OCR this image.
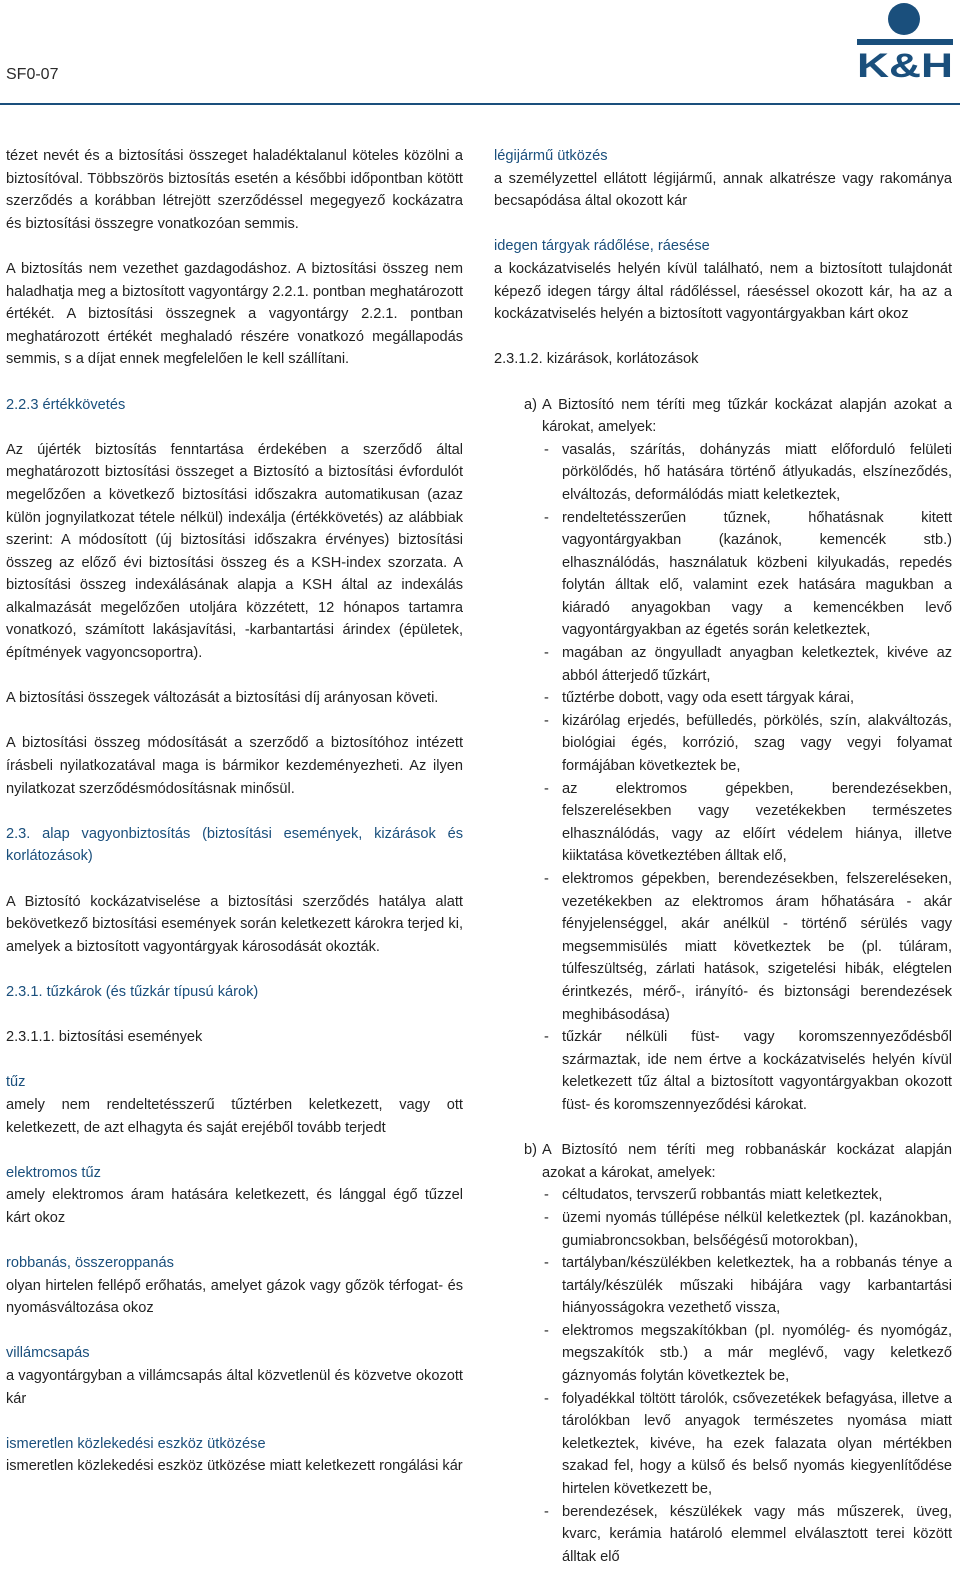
SF0-07	K&H

tézet nevét és a biztosítási összeget haladéktalanul köteles közölni a biztosítóval. Többszörös biztosítás esetén a későbbi időpontban kötött szerződés a korábban létrejött szerződéssel megegyező kockázatra és biztosítási összegre vonatkozóan semmis.

A biztosítás nem vezethet gazdagodáshoz. A biztosítási összeg nem haladhatja meg a biztosított vagyontárgy 2.2.1. pontban meghatározott értékét. A biztosítási összegnek a vagyontárgy 2.2.1. pontban meghatározott értékét meghaladó részére vonatkozó megállapodás semmis, s a díjat ennek megfelelően le kell szállítani.

2.2.3 értékkövetés

Az újérték biztosítás fenntartása érdekében a szerződő által meghatározott biztosítási összeget a Biztosító a biztosítási évfordulót megelőzően a következő biztosítási időszakra automatikusan (azaz külön jognyilatkozat tétele nélkül) indexálja (értékkövetés) az alábbiak szerint: A módosított (új biztosítási időszakra érvényes) biztosítási összeg az előző évi biztosítási összeg és a KSH-index szorzata. A biztosítási összeg indexálásának alapja a KSH által az indexálás alkalmazását megelőzően utoljára közzétett, 12 hónapos tartamra vonatkozó, számított lakásjavítási, -karbantartási árindex (épületek, építmények vagyoncsoportra).

A biztosítási összegek változását a biztosítási díj arányosan követi.

A biztosítási összeg módosítását a szerződő a biztosítóhoz intézett írásbeli nyilatkozatával maga is bármikor kezdeményezheti. Az ilyen nyilatkozat szerződésmódosításnak minősül.

2.3. alap vagyonbiztosítás (biztosítási események, kizárások és korlátozások)

A Biztosító kockázatviselése a biztosítási szerződés hatálya alatt bekövetkező biztosítási események során keletkezett károkra terjed ki, amelyek a biztosított vagyontárgyak károsodását okozták.

2.3.1. tűzkárok (és tűzkár típusú károk)

2.3.1.1. biztosítási események

tűz

amely nem rendeltetésszerű tűztérben keletkezett, vagy ott keletkezett, de azt elhagyta és saját erejéből tovább terjedt

elektromos tűz

amely elektromos áram hatására keletkezett, és lánggal égő tűzzel kárt okoz

robbanás, összeroppanás

olyan hirtelen fellépő erőhatás, amelyet gázok vagy gőzök térfogat- és nyomásváltozása okoz

villámcsapás

a vagyontárgyban a villámcsapás által közvetlenül és közvetve okozott kár

ismeretlen közlekedési eszköz ütközése

ismeretlen közlekedési eszköz ütközése miatt keletkezett rongálási kár

légijármű ütközés

a személyzettel ellátott légijármű, annak alkatrésze vagy rakománya becsapódása által okozott kár

idegen tárgyak rádőlése, ráesése

a kockázatviselés helyén kívül található, nem a biztosított tulajdonát képező idegen tárgy által rádőléssel, ráeséssel okozott kár, ha az a kockázatviselés helyén a biztosított vagyontárgyakban kárt okoz

2.3.1.2. kizárások, korlátozások

a) A Biztosító nem téríti meg tűzkár kockázat alapján azokat a károkat, amelyek:
- vasalás, szárítás, dohányzás miatt előforduló felületi pörkölődés, hő hatására történő átlyukadás, elszíneződés, elváltozás, deformálódás miatt keletkeztek,
- rendeltetésszerűen tűznek, hőhatásnak kitett vagyontárgyakban (kazánok, kemencék stb.) elhasználódás, használatuk közbeni kilyukadás, repedés folytán álltak elő, valamint ezek hatására magukban a kiáradó anyagokban vagy a kemencékben levő vagyontárgyakban az égetés során keletkeztek,
- magában az öngyulladt anyagban keletkeztek, kivéve az abból átterjedő tűzkárt,
- tűztérbe dobott, vagy oda esett tárgyak kárai,
- kizárólag erjedés, befülledés, pörkölés, szín, alakváltozás, biológiai égés, korrózió, szag vagy vegyi folyamat formájában következtek be,
- az elektromos gépekben, berendezésekben, felszerelésekben vagy vezetékekben természetes elhasználódás, vagy az előírt védelem hiánya, illetve kiiktatása következtében álltak elő,
- elektromos gépekben, berendezésekben, felszereléseken, vezetékekben az elektromos áram hőhatására - akár fényjelenséggel, akár anélkül - történő sérülés vagy megsemmisülés miatt következtek be (pl. túláram, túlfeszültség, zárlati hatások, szigetelési hibák, elégtelen érintkezés, mérő-, irányító- és biztonsági berendezések meghibásodása)
- tűzkár nélküli füst- vagy koromszennyeződésből származtak, ide nem értve a kockázatviselés helyén kívül keletkezett tűz által a biztosított vagyontárgyakban okozott füst- és koromszennyeződési károkat.
b) A Biztosító nem téríti meg robbanáskár kockázat alapján azokat a károkat, amelyek:
- céltudatos, tervszerű robbantás miatt keletkeztek,
- üzemi nyomás túllépése nélkül keletkeztek (pl. kazánokban, gumiabroncsokban, belsőégésű motorokban),
- tartályban/készülékben keletkeztek, ha a robbanás ténye a tartály/készülék műszaki hibájára vagy karbantartási hiányosságokra vezethető vissza,
- elektromos megszakítókban (pl. nyomólég- és nyomógáz, megszakítók stb.) a már meglévő, vagy keletkező gáznyomás folytán következtek be,
- folyadékkal töltött tárolók, csővezetékek befagyása, illetve a tárolókban levő anyagok természetes nyomása miatt keletkeztek, kivéve, ha ezek falazata olyan mértékben szakad fel, hogy a külső és belső nyomás kiegyenlítődése hirtelen következett be,
- berendezések, készülékek vagy más műszerek, üveg, kvarc, kerámia határoló elemmel elválasztott terei között álltak elő
